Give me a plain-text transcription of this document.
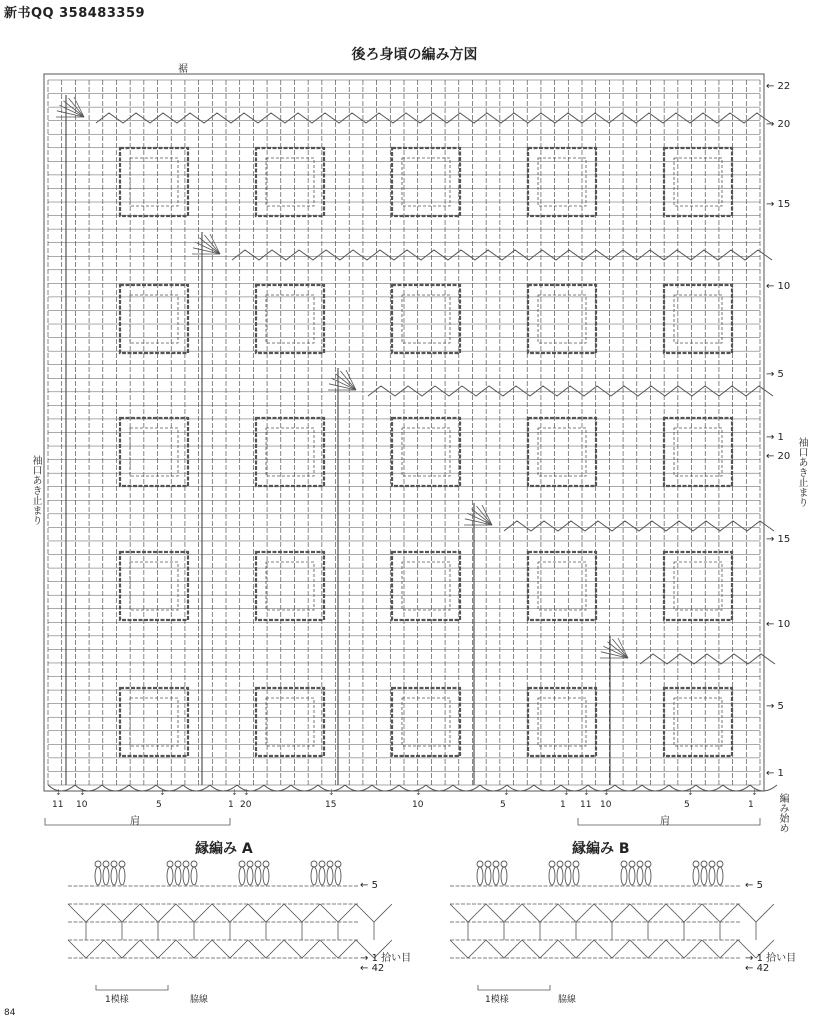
新书QQ 358483359
後ろ身頃の編み方図
↓ ↓	↓	↓ ↓	↓	↓	↓	↓ ↓ ↓	↓	↓
裾
袖口あき止まり	袖口あき止まり
編み始め
肩	肩
← 22
→ 20
→ 15
← 10
→ 5
→ 1
← 20
→ 15
← 10
→ 5
← 1
11 10	5	1 20	15	10	5	1 11 10	5	1
縁編み A	縁編み B
← 5
→ 1 拾い目
← 42
1模様	脇線
← 5
→ 1 拾い目
← 42
1模様	脇線
84
